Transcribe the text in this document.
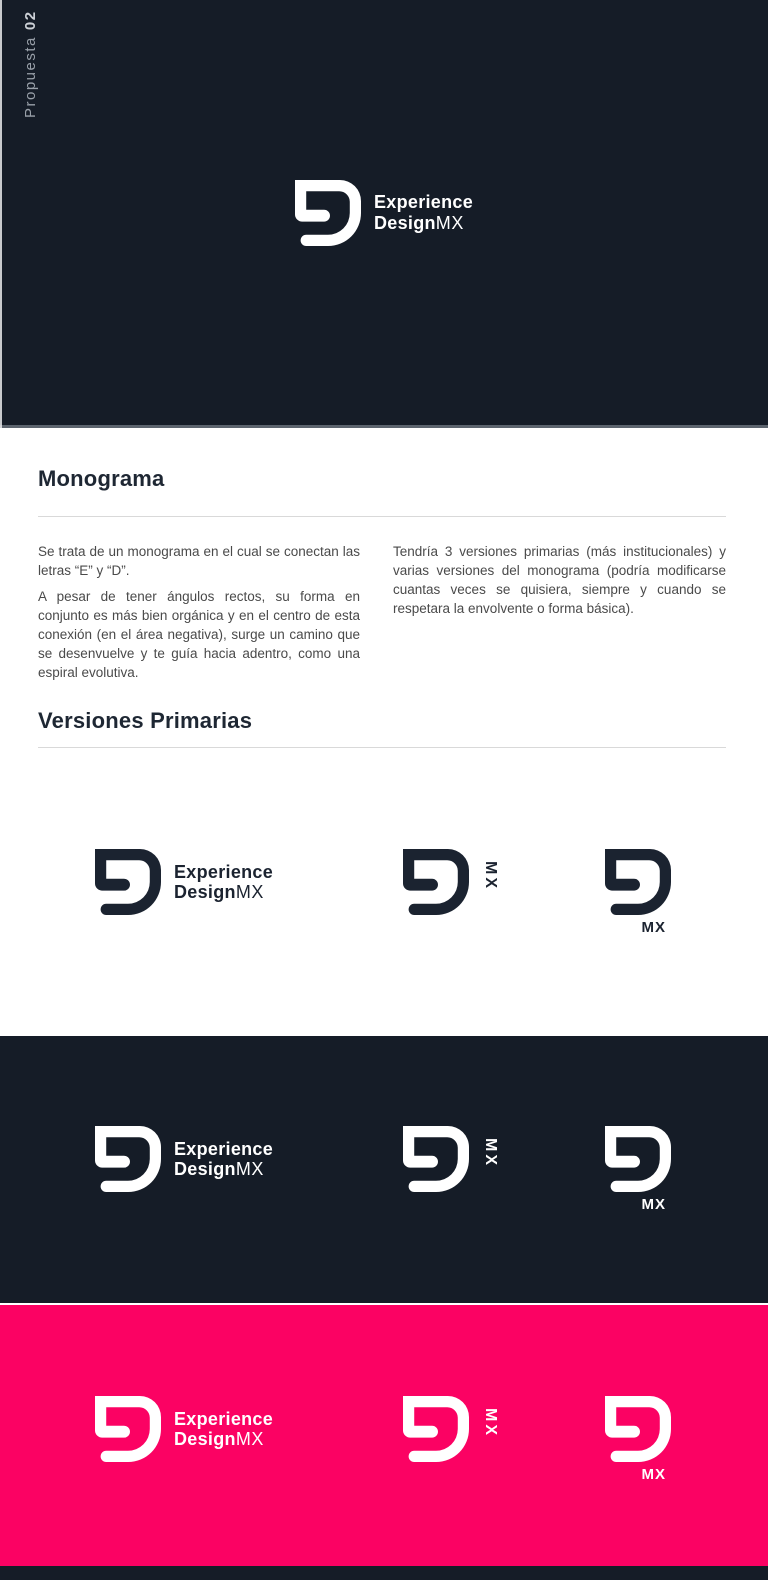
Propuesta02
Experience
DesignMX
Monograma

Se trata de un monograma en el cual se conectan las letras “E” y “D”.

A pesar de tener ángulos rectos, su forma en conjunto es más bien orgánica y en el centro de esta conexión (en el área negativa), surge un camino que se desenvuelve y te guía hacia adentro, como una espiral evolutiva.

Tendría 3 versiones primarias (más institucionales) y varias versiones del monograma (podría modificarse cuantas veces se quisiera, siempre y cuando se respetara la envolvente o forma básica).

Versiones Primarias
Experience
DesignMX
MX
MX
Experience
DesignMX
MX
MX
Experience
DesignMX
MX
MX
